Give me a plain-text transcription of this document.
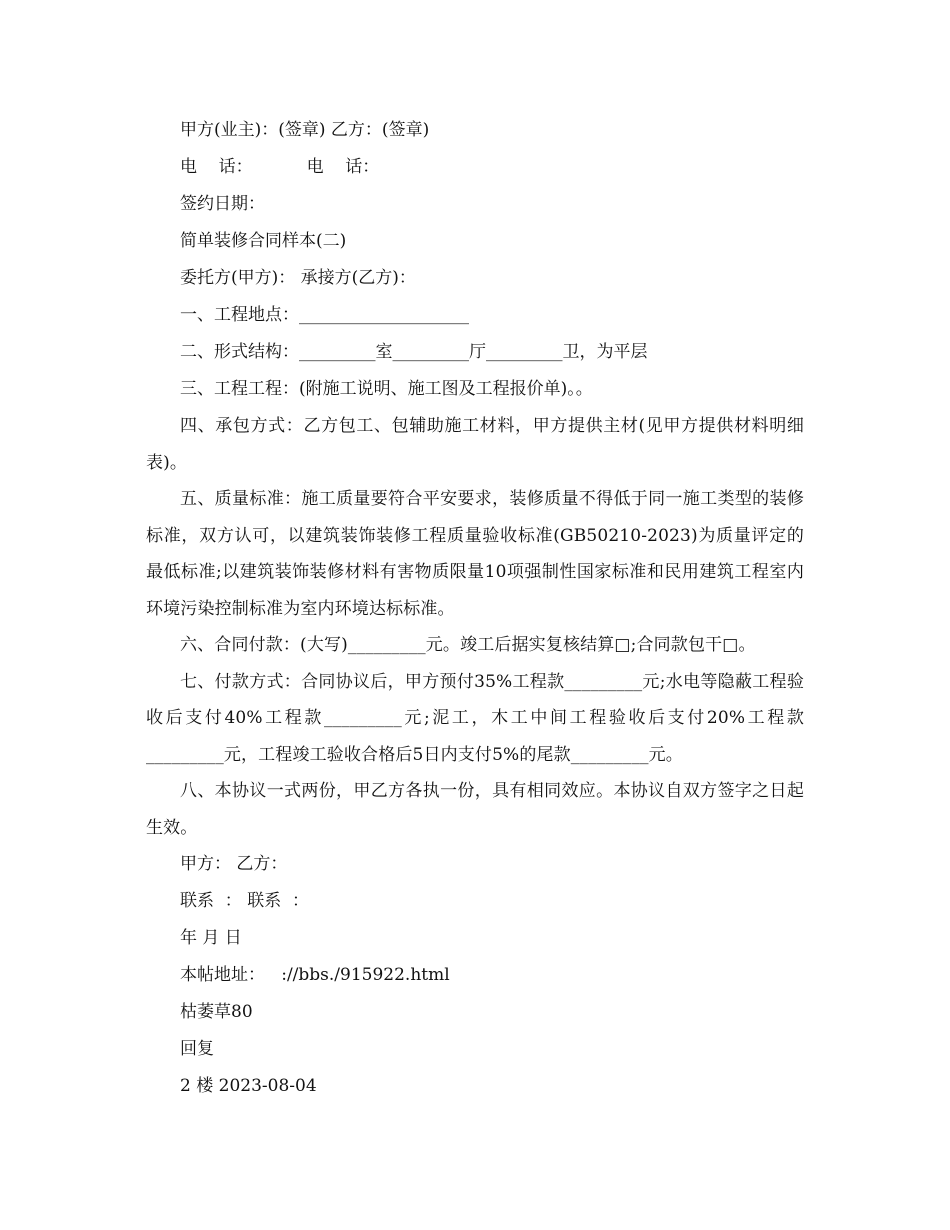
甲方(业主)：(签章) 乙方：(签章)
电    话：          电    话：
签约日期：
简单装修合同样本(二)
委托方(甲方)： 承接方(乙方)：
一、工程地点：____________________
二、形式结构：_________室_________厅_________卫，为平层
三、工程工程：(附施工说明、施工图及工程报价单)。。

四、承包方式：乙方包工、包辅助施工材料，甲方提供主材(见甲方提供材料明细表)。

五、质量标准：施工质量要符合平安要求，装修质量不得低于同一施工类型的装修标准，双方认可，以建筑装饰装修工程质量验收标准(GB50210-2023)为质量评定的最低标准;以建筑装饰装修材料有害物质限量10项强制性国家标准和民用建筑工程室内环境污染控制标准为室内环境达标标准。

六、合同付款：(大写)_________元。竣工后据实复核结算□;合同款包干□。

七、付款方式：合同协议后，甲方预付35%工程款_________元;水电等隐蔽工程验收后支付40%工程款_________元;泥工，木工中间工程验收后支付20%工程款_________元，工程竣工验收合格后5日内支付5%的尾款_________元。

八、本协议一式两份，甲乙方各执一份，具有相同效应。本协议自双方签字之日起生效。

甲方： 乙方：
联系  ： 联系  ：
年 月 日
本帖地址：   ://bbs./915922.html
枯萎草80
回复
2 楼 2023-08-04
